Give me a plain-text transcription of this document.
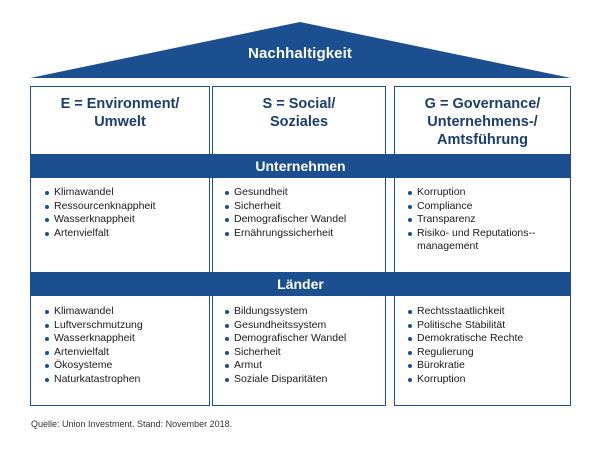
Nachhaltigkeit
E = Environment/
Umwelt
S = Social/
Soziales
G = Governance/
Unternehmens-/
Amtsführung
Unternehmen
Länder
Klimawandel
Ressourcenknappheit
Wasserknappheit
Artenvielfalt
Gesundheit
Sicherheit
Demografischer Wandel
Ernährungssicherheit
Korruption
Compliance
Transparenz
Risiko- und Reputations-management
Klimawandel
Luftverschmutzung
Wasserknappheit
Artenvielfalt
Ökosysteme
Naturkatastrophen
Bildungssystem
Gesundheitssystem
Demografischer Wandel
Sicherheit
Armut
Soziale Disparitäten
Rechtsstaatlichkeit
Politische Stabilität
Demokratische Rechte
Regulierung
Bürokratie
Korruption
Quelle: Union Investment. Stand: November 2018.
